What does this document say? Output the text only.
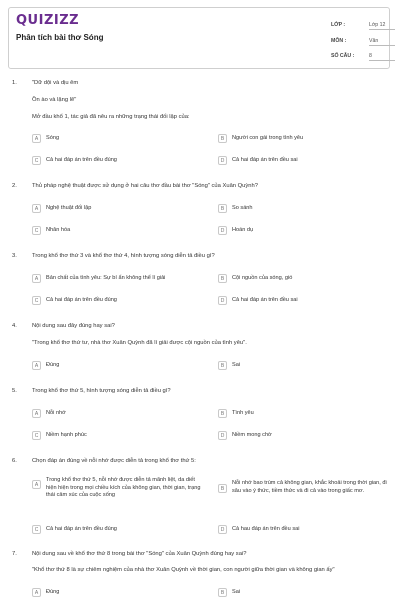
QUIZIZZ
Phân tích bài thơ Sóng
LỚP :	Lớp 12
MÔN :	Văn
SỐ CÂU :	8
1.	"Dữ dội và dịu êm
Ồn ào và lặng lẽ"
Mở đầu khổ 1, tác giả đã nêu ra những trạng thái đối lập của:
A	Sóng	B	Người con gái trong tình yêu
C	Cả hai đáp án trên đều đúng	D	Cả hai đáp án trên đều sai
2.	Thủ pháp nghệ thuật được sử dụng ở hai câu thơ đầu bài thơ "Sóng" của Xuân Quỳnh?
A	Nghệ thuật đối lập	B	So sánh
C	Nhân hóa	D	Hoán dụ
3.	Trong khổ thơ thứ 3 và khổ thơ thứ 4, hình tượng sóng diễn tả điều gì?
A	Bản chất của tình yêu: Sự bí ẩn không thể lí giải	B	Cội nguồn của sóng, gió
C	Cả hai đáp án trên đều đúng	D	Cả hai đáp án trên đều sai
4.	Nội dung sau đây đúng hay sai?
"Trong khổ thơ thứ tư, nhà thơ Xuân Quỳnh đã lí giải được cội nguồn của tình yêu".
A	Đúng	B	Sai
5.	Trong khổ thơ thứ 5, hình tượng sóng diễn tả điều gì?
A	Nỗi nhớ	B	Tình yêu
C	Niềm hạnh phúc	D	Niềm mong chờ
6.	Chọn đáp án đúng về nỗi nhớ được diễn tả trong khổ thơ thứ 5:
A
Trong khổ thơ thứ 5, nỗi nhớ được diễn tả mãnh liệt, da diết hiện hiện trong mọi chiều kích của không gian, thời gian, trạng thái cảm xúc của cuộc sống
B
Nỗi nhớ bao trùm cả không gian, khắc khoải trong thời gian, đi sâu vào ý thức, tiềm thức và đi cả vào trong giấc mơ.
C	Cả hai đáp án trên đều đúng	D	Cả hau đáp án trên đều sai
7.	Nội dung sau về khổ thơ thứ 8 trong bài thơ "Sóng" của Xuân Quỳnh đúng hay sai?
"Khổ thơ thứ 8 là sự chiêm nghiệm của nhà thơ Xuân Quỳnh về thời gian, con người giữa thời gian và không gian ấy"
A	Đúng	B	Sai
